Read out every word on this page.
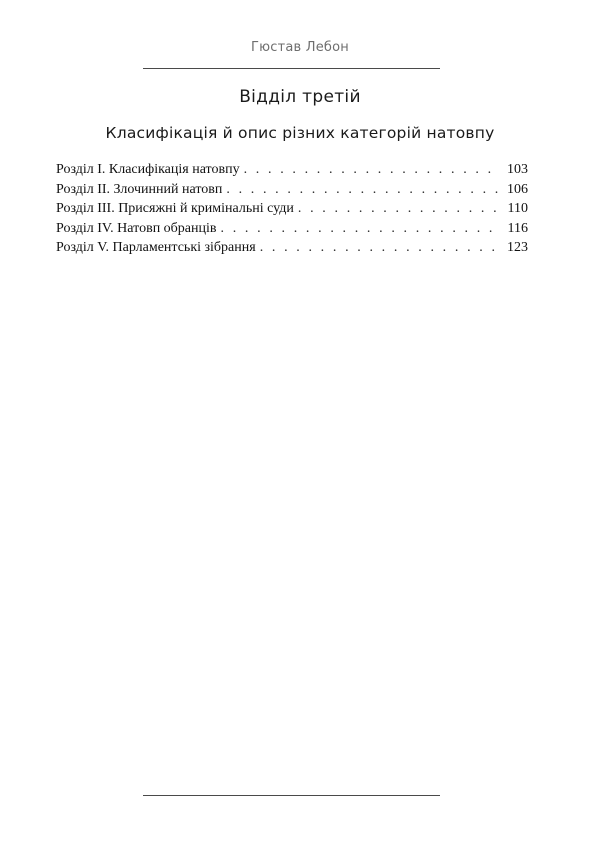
Гюстав Лебон
Відділ третій
Класифікація й опис різних категорій натовпу
Розділ I. Класифікація натовпу . . .	103
Розділ II. Злочинний натовп . . .	106
Розділ III. Присяжні й кримінальні суди . . .	110
Розділ IV. Натовп обранців . . .	116
Розділ V. Парламентські зібрання . . .	123
